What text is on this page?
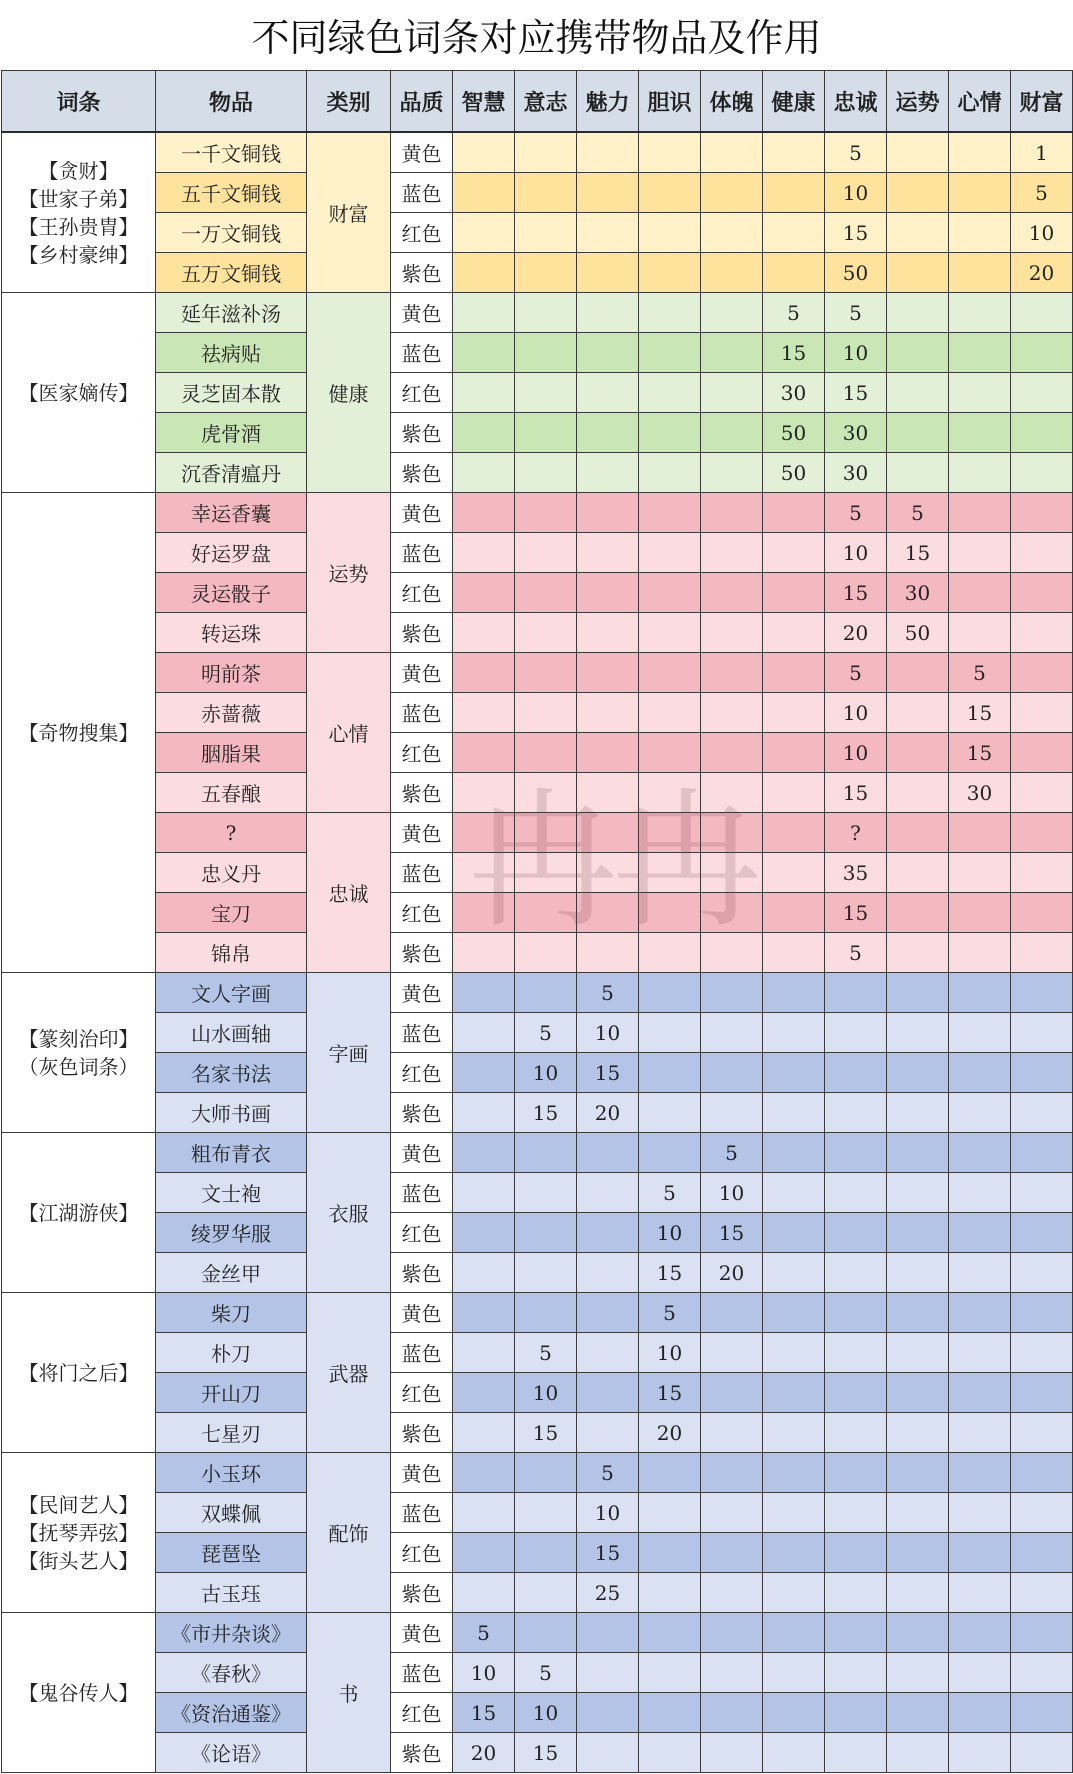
不同绿色词条对应携带物品及作用
词条	物品	类别	品质	智慧	意志	魅力	胆识	体魄	健康	忠诚	运势	心情	财富

【贪财】
【世家子弟】
【王孙贵胄】
【乡村豪绅】	一千文铜钱	财富	黄色							5			1
	五千文铜钱		蓝色							10			5
	一万文铜钱		红色							15			10
	五万文铜钱		紫色							50			20

【医家嫡传】	延年滋补汤	健康	黄色						5	5			
	祛病贴		蓝色						15	10			
	灵芝固本散		红色						30	15			
	虎骨酒		紫色						50	30			
	沉香清瘟丹		紫色						50	30			

【奇物搜集】	幸运香囊	运势	黄色							5	5		
	好运罗盘		蓝色							10	15		
	灵运骰子		红色							15	30		
	转运珠		紫色							20	50		
	明前茶	心情	黄色							5		5	
	赤蔷薇		蓝色							10		15	
	胭脂果		红色							10		15	
	五春酿		紫色							15		30	
	?	忠诚	黄色							?			
	忠义丹		蓝色							35			
	宝刀		红色							15			
	锦帛		紫色							5			

【篆刻治印】
（灰色词条）	文人字画	字画	黄色			5							
	山水画轴		蓝色		5	10							
	名家书法		红色		10	15							
	大师书画		紫色		15	20							

【江湖游侠】	粗布青衣	衣服	黄色					5					
	文士袍		蓝色				5	10					
	绫罗华服		红色				10	15					
	金丝甲		紫色				15	20					

【将门之后】	柴刀	武器	黄色				5						
	朴刀		蓝色		5		10						
	开山刀		红色		10		15						
	七星刃		紫色		15		20						

【民间艺人】
【抚琴弄弦】
【街头艺人】	小玉环	配饰	黄色			5							
	双蝶佩		蓝色			10							
	琵琶坠		红色			15							
	古玉珏		紫色			25							

【鬼谷传人】	《市井杂谈》	书	黄色	5									
	《春秋》		蓝色	10	5								
	《资治通鉴》		红色	15	10								
	《论语》		紫色	20	15								
